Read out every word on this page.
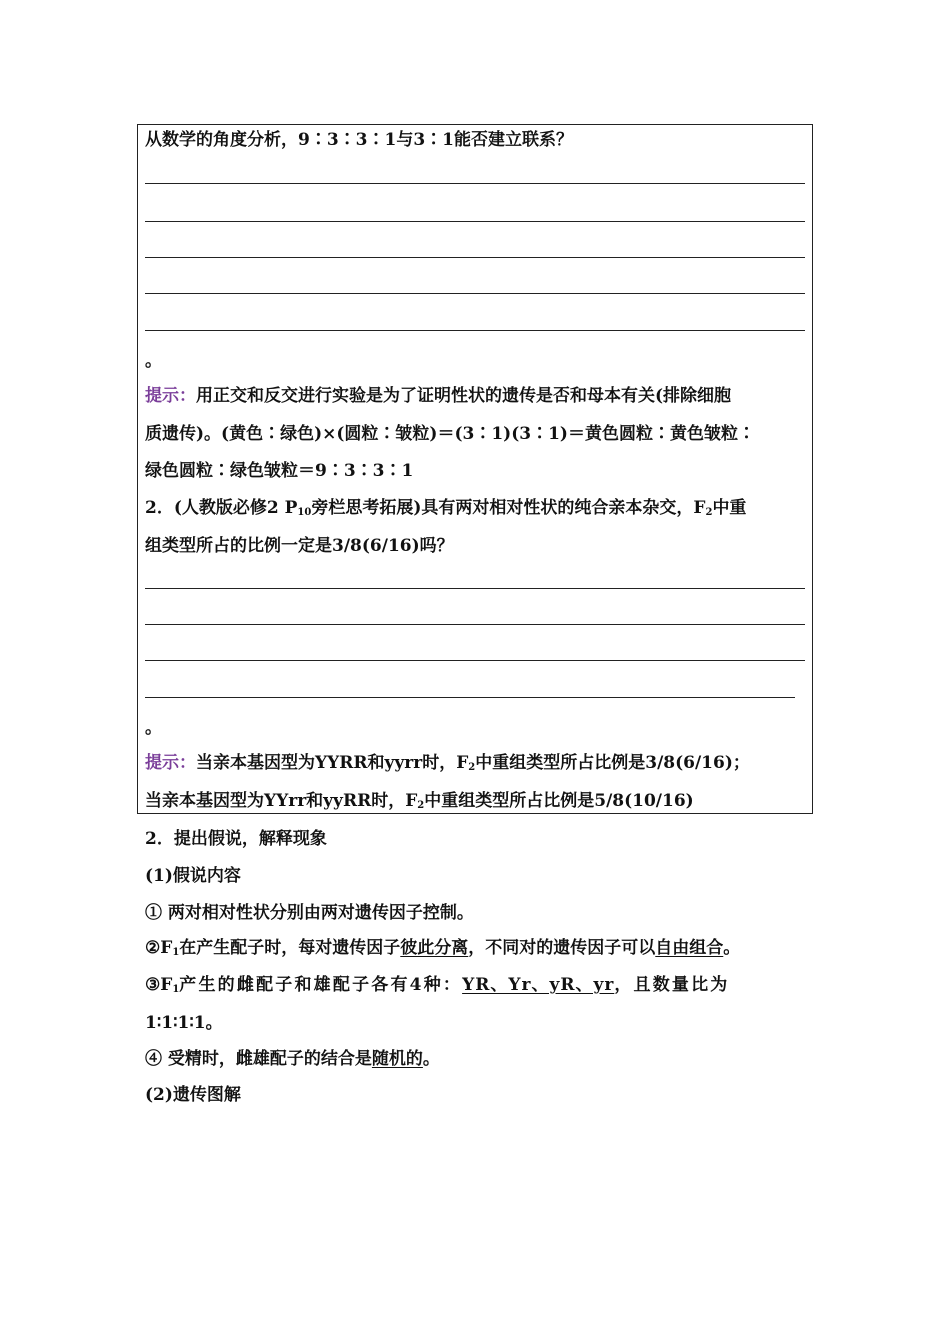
从数学的角度分析，9∶3∶3∶1与3∶1能否建立联系？
。
提示：用正交和反交进行实验是为了证明性状的遗传是否和母本有关(排除细胞
质遗传)。(黄色∶绿色)×(圆粒∶皱粒)＝(3∶1)(3∶1)＝黄色圆粒∶黄色皱粒∶
绿色圆粒∶绿色皱粒＝9∶3∶3∶1
2．(人教版必修2 $P_{10}$旁栏思考拓展)具有两对相对性状的纯合亲本杂交，$F_2$中重
组类型所占的比例一定是3/8(6/16)吗？
。
提示：当亲本基因型为YYRR和yyrr时，$F_2$中重组类型所占比例是3/8(6/16)；
当亲本基因型为YYrr和yyRR时，$F_2$中重组类型所占比例是5/8(10/16)
2．提出假说，解释现象
(1)假说内容
① 两对相对性状分别由两对遗传因子控制。
$②F_1$在产生配子时，每对遗传因子彼此分离，不同对的遗传因子可以自由组合。
$③F_1$产生的雌配子和雄配子各有4种：YR、Yr、yR、yr，且数量比为
1∶1∶1∶1。
④ 受精时，雌雄配子的结合是随机的。
(2)遗传图解
